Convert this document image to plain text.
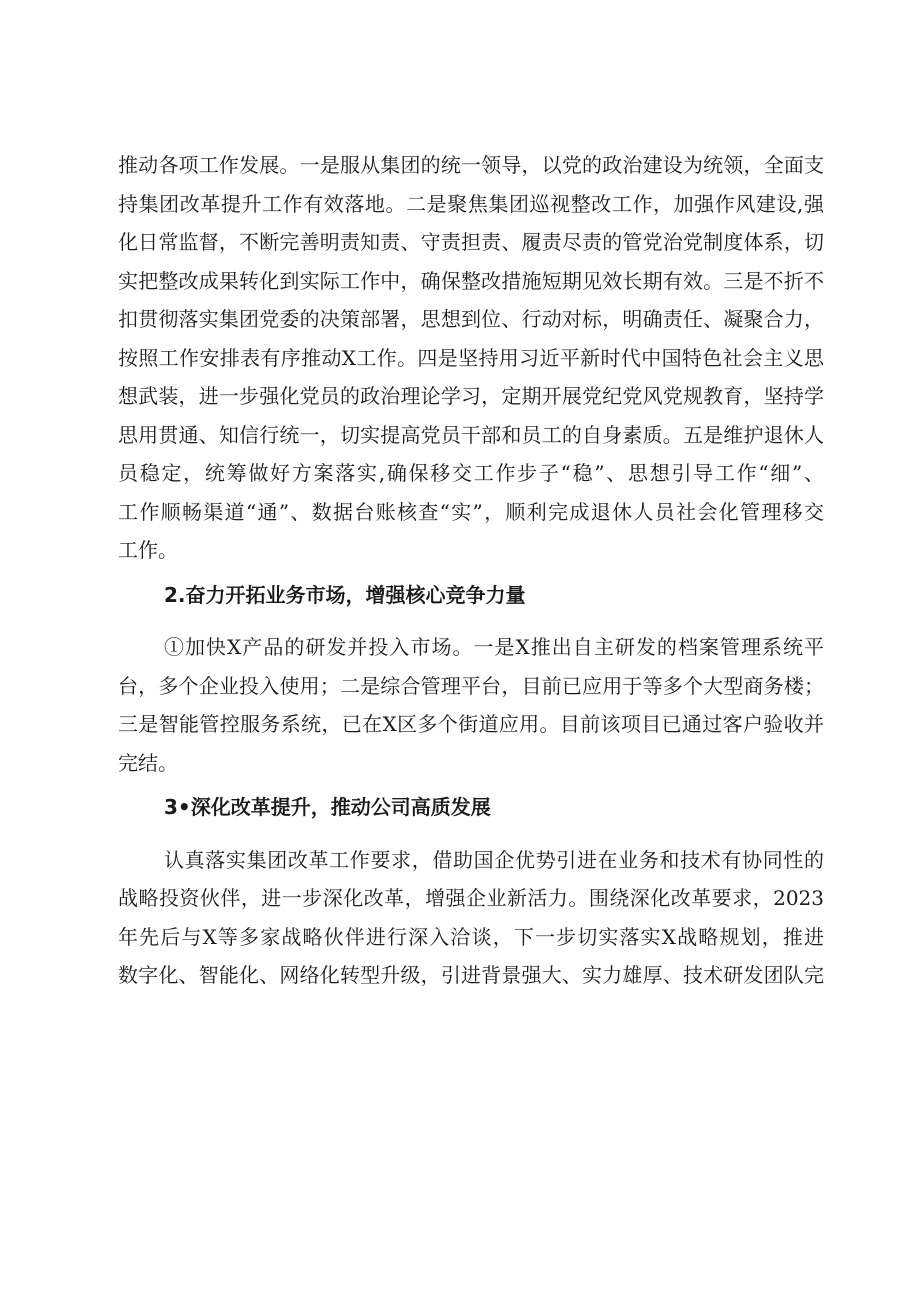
推动各项工作发展。一是服从集团的统一领导，以党的政治建设为统领，全面支
持集团改革提升工作有效落地。二是聚焦集团巡视整改工作，加强作风建设,强
化日常监督，不断完善明责知责、守责担责、履责尽责的管党治党制度体系，切
实把整改成果转化到实际工作中，确保整改措施短期见效长期有效。三是不折不
扣贯彻落实集团党委的决策部署，思想到位、行动对标，明确责任、凝聚合力，
按照工作安排表有序推动X工作。四是坚持用习近平新时代中国特色社会主义思
想武装，进一步强化党员的政治理论学习，定期开展党纪党风党规教育，坚持学
思用贯通、知信行统一，切实提高党员干部和员工的自身素质。五是维护退休人
员稳定，统筹做好方案落实,确保移交工作步子“稳”、思想引导工作“细”、
工作顺畅渠道“通”、数据台账核查“实”，顺利完成退休人员社会化管理移交
工作。
2.奋力开拓业务市场，增强核心竞争力量
①加快X产品的研发并投入市场。一是X推出自主研发的档案管理系统平
台，多个企业投入使用；二是综合管理平台，目前已应用于等多个大型商务楼；
三是智能管控服务系统，已在X区多个街道应用。目前该项目已通过客户验收并
完结。
3•深化改革提升，推动公司高质发展
认真落实集团改革工作要求，借助国企优势引进在业务和技术有协同性的
战略投资伙伴，进一步深化改革，增强企业新活力。围绕深化改革要求，2023
年先后与X等多家战略伙伴进行深入洽谈，下一步切实落实X战略规划，推进
数字化、智能化、网络化转型升级，引进背景强大、实力雄厚、技术研发团队完
